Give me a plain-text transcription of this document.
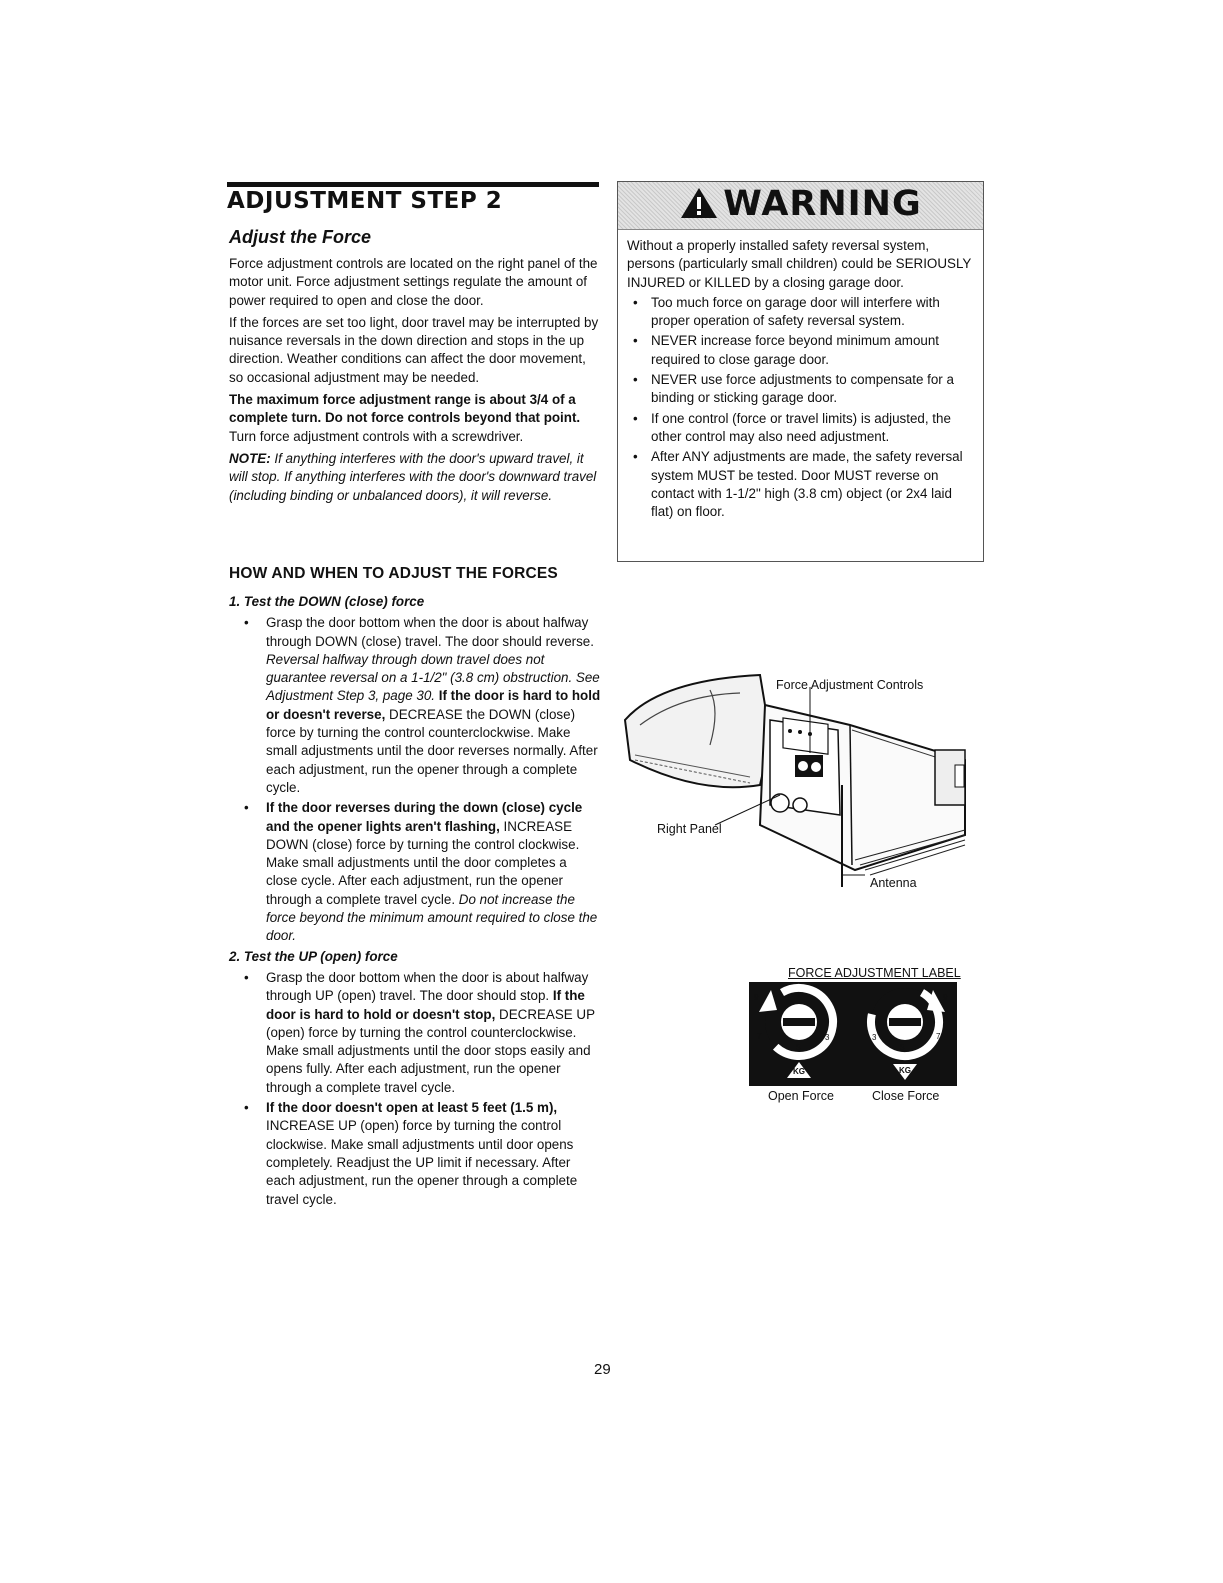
ADJUSTMENT STEP 2
Adjust the Force

Force adjustment controls are located on the right panel of the motor unit. Force adjustment settings regulate the amount of power required to open and close the door.

If the forces are set too light, door travel may be interrupted by nuisance reversals in the down direction and stops in the up direction. Weather conditions can affect the door movement, so occasional adjustment may be needed.

The maximum force adjustment range is about 3/4 of a complete turn. Do not force controls beyond that point. Turn force adjustment controls with a screwdriver.

NOTE: If anything interferes with the door's upward travel, it will stop. If anything interferes with the door's downward travel (including binding or unbalanced doors), it will reverse.

HOW AND WHEN TO ADJUST THE FORCES
1. Test the DOWN (close) force
• Grasp the door bottom when the door is about halfway through DOWN (close) travel. The door should reverse. Reversal halfway through down travel does not guarantee reversal on a 1-1/2" (3.8 cm) obstruction. See Adjustment Step 3, page 30. If the door is hard to hold or doesn't reverse, DECREASE the DOWN (close) force by turning the control counterclockwise. Make small adjustments until the door reverses normally. After each adjustment, run the opener through a complete cycle.
• If the door reverses during the down (close) cycle and the opener lights aren't flashing, INCREASE DOWN (close) force by turning the control clockwise. Make small adjustments until the door completes a close cycle. After each adjustment, run the opener through a complete travel cycle. Do not increase the force beyond the minimum amount required to close the door.
2. Test the UP (open) force
• Grasp the door bottom when the door is about halfway through UP (open) travel. The door should stop. If the door is hard to hold or doesn't stop, DECREASE UP (open) force by turning the control counterclockwise. Make small adjustments until the door stops easily and opens fully. After each adjustment, run the opener through a complete travel cycle.
• If the door doesn't open at least 5 feet (1.5 m), INCREASE UP (open) force by turning the control clockwise. Make small adjustments until door opens completely. Readjust the UP limit if necessary. After each adjustment, run the opener through a complete travel cycle.
WARNING

Without a properly installed safety reversal system, persons (particularly small children) could be SERIOUSLY INJURED or KILLED by a closing garage door.

• Too much force on garage door will interfere with proper operation of safety reversal system.
• NEVER increase force beyond minimum amount required to close garage door.
• NEVER use force adjustments to compensate for a binding or sticking garage door.
• If one control (force or travel limits) is adjusted, the other control may also need adjustment.
• After ANY adjustments are made, the safety reversal system MUST be tested. Door MUST reverse on contact with 1-1/2" high (3.8 cm) object (or 2x4 laid flat) on floor.
Force Adjustment Controls
Right Panel
Antenna
FORCE ADJUSTMENT LABEL
9
7
5
3
9
7
5
3
KG	KG
Open Force	Close Force
29
